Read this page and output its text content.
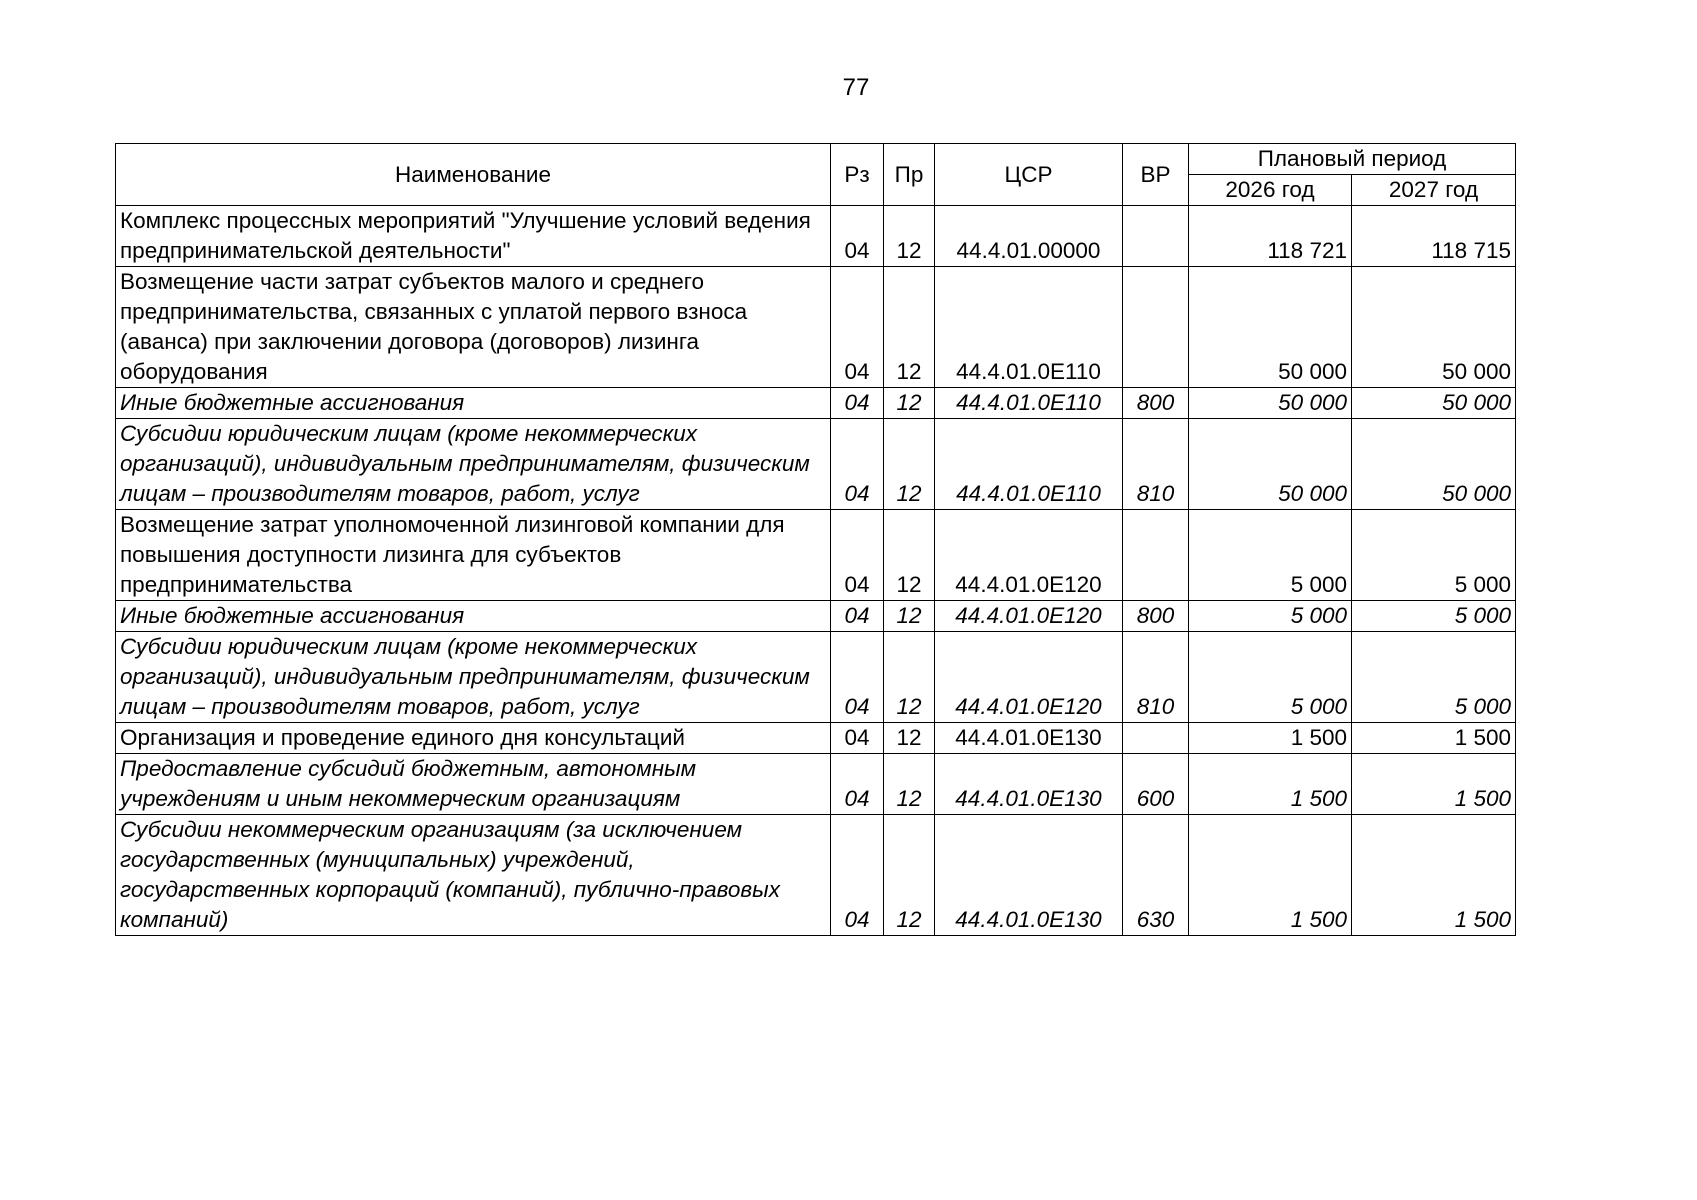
77
Наименование	Рз	Пр	ЦСР	ВР	Плановый период	
					2026 год	2027 год
Комплекс процессных мероприятий "Улучшение условий ведения предпринимательской деятельности"	04	12	44.4.01.00000		118 721	118 715
Возмещение части затрат субъектов малого и среднего предпринимательства, связанных с уплатой первого взноса (аванса) при заключении договора (договоров) лизинга оборудования	04	12	44.4.01.0Е110		50 000	50 000
Иные бюджетные ассигнования	04	12	44.4.01.0Е110	800	50 000	50 000
Субсидии юридическим лицам (кроме некоммерческих организаций), индивидуальным предпринимателям, физическим лицам – производителям товаров, работ, услуг	04	12	44.4.01.0Е110	810	50 000	50 000
Возмещение затрат уполномоченной лизинговой компании для повышения доступности лизинга для субъектов предпринимательства	04	12	44.4.01.0Е120		5 000	5 000
Иные бюджетные ассигнования	04	12	44.4.01.0Е120	800	5 000	5 000
Субсидии юридическим лицам (кроме некоммерческих организаций), индивидуальным предпринимателям, физическим лицам – производителям товаров, работ, услуг	04	12	44.4.01.0Е120	810	5 000	5 000
Организация и проведение единого дня консультаций	04	12	44.4.01.0Е130		1 500	1 500
Предоставление субсидий бюджетным, автономным учреждениям и иным некоммерческим организациям	04	12	44.4.01.0Е130	600	1 500	1 500
Субсидии некоммерческим организациям (за исключением государственных (муниципальных) учреждений, государственных корпораций (компаний), публично-правовых компаний)	04	12	44.4.01.0Е130	630	1 500	1 500
